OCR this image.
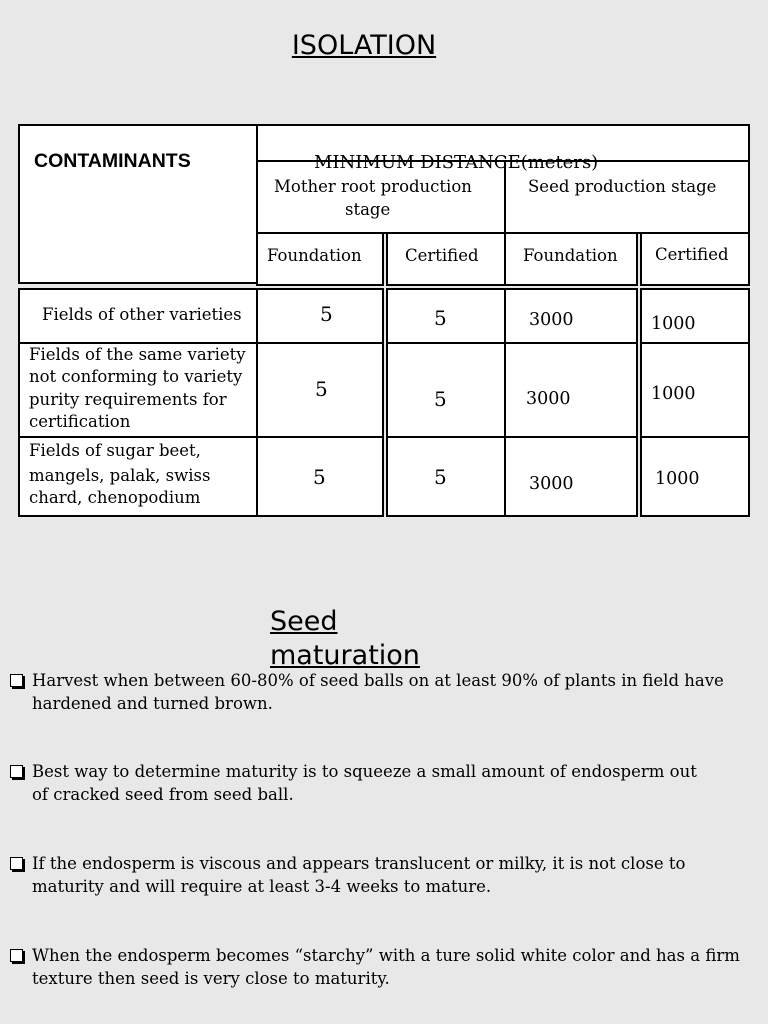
ISOLATION
CONTAMINANTS	MINIMUM DISTANCE(meters)
Mother root production
stage
Seed production stage
Foundation	Certified	Foundation Certified
Fields of other varieties	5	5	3000	1000
Fields of the same variety
not conforming to variety
purity requirements for
certification
5	5	3000	1000
Fields of sugar beet,
mangels, palak, swiss
chard, chenopodium
5	5	3000	1000
Seed
maturation
Harvest when between 60-80% of seed balls on at least 90% of plants in field have
hardened and turned brown.
Best way to determine maturity is to squeeze a small amount of endosperm out
of cracked seed from seed ball.
If the endosperm is viscous and appears translucent or milky, it is not close to
maturity and will require at least 3-4 weeks to mature.
When the endosperm becomes “starchy” with a ture solid white color and has a firm
texture then seed is very close to maturity.
